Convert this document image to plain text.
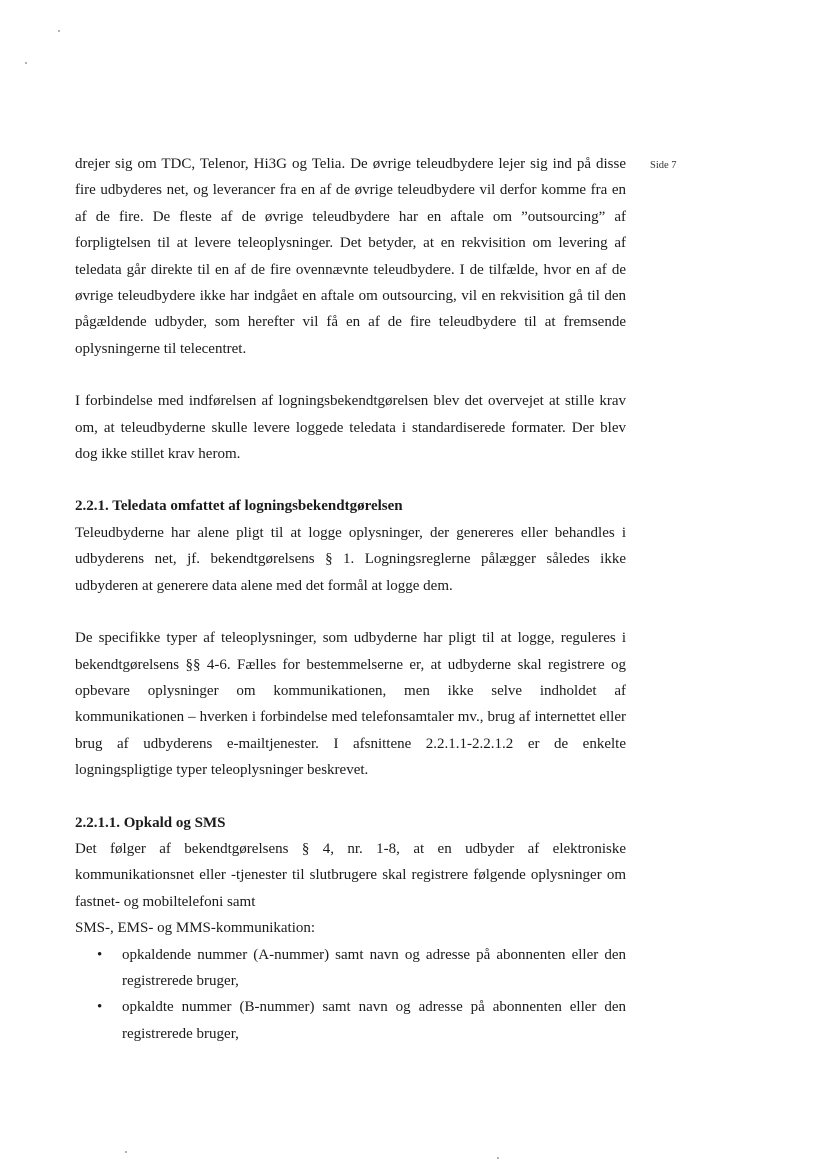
Side 7

drejer sig om TDC, Telenor, Hi3G og Telia. De øvrige teleudbydere lejer sig ind på disse fire udbyderes net, og leverancer fra en af de øvrige teleudbydere vil derfor komme fra en af de fire. De fleste af de øvrige teleudbydere har en aftale om ”outsourcing” af forpligtelsen til at levere teleoplysninger. Det betyder, at en rekvisition om levering af teledata går direkte til en af de fire ovennævnte teleudbydere. I de tilfælde, hvor en af de øvrige teleudbydere ikke har indgået en aftale om outsourcing, vil en rekvisition gå til den pågældende udbyder, som herefter vil få en af de fire teleudbydere til at fremsende oplysningerne til telecentret.

I forbindelse med indførelsen af logningsbekendtgørelsen blev det overvejet at stille krav om, at teleudbyderne skulle levere loggede teledata i standardiserede formater. Der blev dog ikke stillet krav herom.

2.2.1. Teledata omfattet af logningsbekendtgørelsen

Teleudbyderne har alene pligt til at logge oplysninger, der genereres eller behandles i udbyderens net, jf. bekendtgørelsens § 1. Logningsreglerne pålægger således ikke udbyderen at generere data alene med det formål at logge dem.

De specifikke typer af teleoplysninger, som udbyderne har pligt til at logge, reguleres i bekendtgørelsens §§ 4-6. Fælles for bestemmelserne er, at udbyderne skal registrere og opbevare oplysninger om kommunikationen, men ikke selve indholdet af kommunikationen – hverken i forbindelse med telefonsamtaler mv., brug af internettet eller brug af udbyderens e-mailtjenester. I afsnittene 2.2.1.1-2.2.1.2 er de enkelte logningspligtige typer teleoplysninger beskrevet.

2.2.1.1. Opkald og SMS

Det følger af bekendtgørelsens § 4, nr. 1-8, at en udbyder af elektroniske kommunikationsnet eller -tjenester til slutbrugere skal registrere følgende oplysninger om fastnet- og mobiltelefoni samt

SMS-, EMS- og MMS-kommunikation:

• opkaldende nummer (A-nummer) samt navn og adresse på abonnenten eller den registrerede bruger,
• opkaldte nummer (B-nummer) samt navn og adresse på abonnenten eller den registrerede bruger,
